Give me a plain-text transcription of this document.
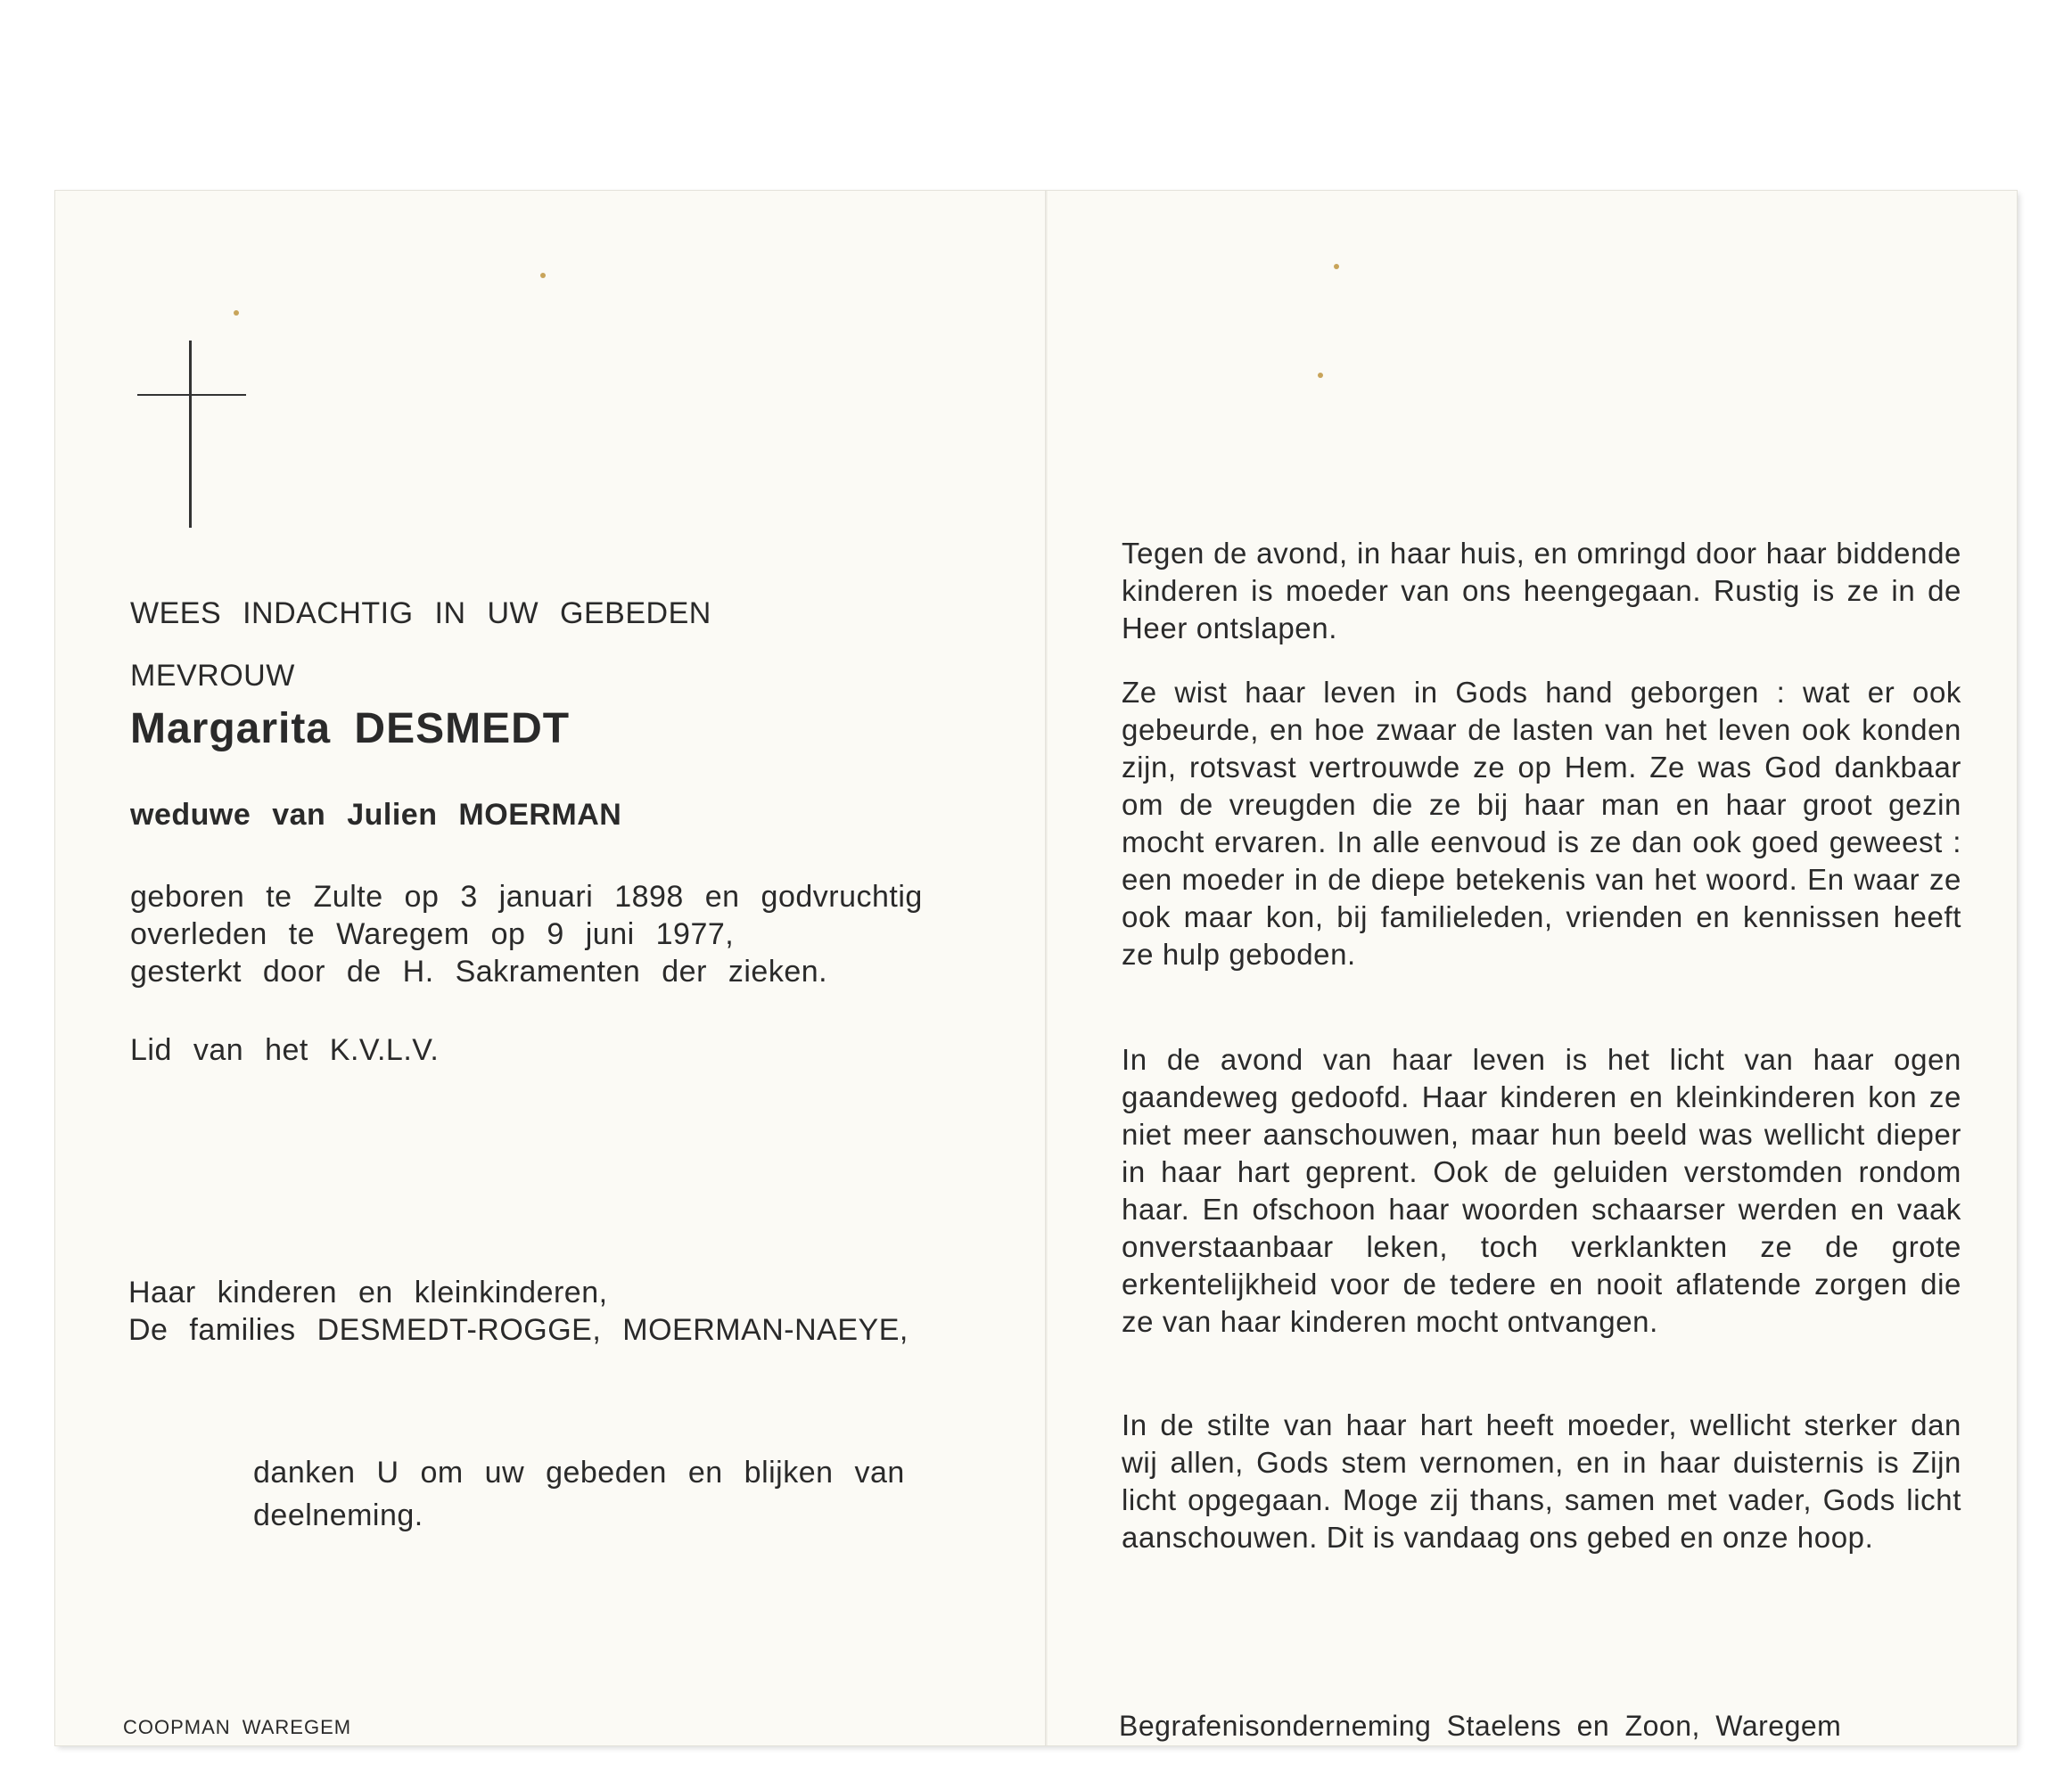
WEES INDACHTIG IN UW GEBEDEN
MEVROUW
Margarita DESMEDT
weduwe van Julien MOERMAN
geboren te Zulte op 3 januari 1898 en godvruchtig
overleden te Waregem op 9 juni 1977,
gesterkt door de H. Sakramenten der zieken.
Lid van het K.V.L.V.
Haar kinderen en kleinkinderen,
De families DESMEDT-ROGGE, MOERMAN-NAEYE,
danken U om uw gebeden en blijken van
deelneming.
COOPMAN WAREGEM

Tegen de avond, in haar huis, en omringd door haar biddende kinderen is moeder van ons heengegaan. Rustig is ze in de Heer ontslapen.

Ze wist haar leven in Gods hand geborgen : wat er ook gebeurde, en hoe zwaar de lasten van het leven ook konden zijn, rotsvast vertrouwde ze op Hem. Ze was God dankbaar om de vreugden die ze bij haar man en haar groot gezin mocht ervaren. In alle eenvoud is ze dan ook goed geweest : een moeder in de diepe betekenis van het woord. En waar ze ook maar kon, bij familieleden, vrienden en kennissen heeft ze hulp geboden.

In de avond van haar leven is het licht van haar ogen gaandeweg gedoofd. Haar kinderen en kleinkinderen kon ze niet meer aanschouwen, maar hun beeld was wellicht dieper in haar hart geprent. Ook de geluiden verstomden rondom haar. En ofschoon haar woorden schaarser werden en vaak onverstaanbaar leken, toch verklankten ze de grote erkentelijkheid voor de tedere en nooit aflatende zorgen die ze van haar kinderen mocht ontvangen.

In de stilte van haar hart heeft moeder, wellicht sterker dan wij allen, Gods stem vernomen, en in haar duisternis is Zijn licht opgegaan. Moge zij thans, samen met vader, Gods licht aanschouwen. Dit is vandaag ons gebed en onze hoop.

Begrafenisonderneming Staelens en Zoon, Waregem
